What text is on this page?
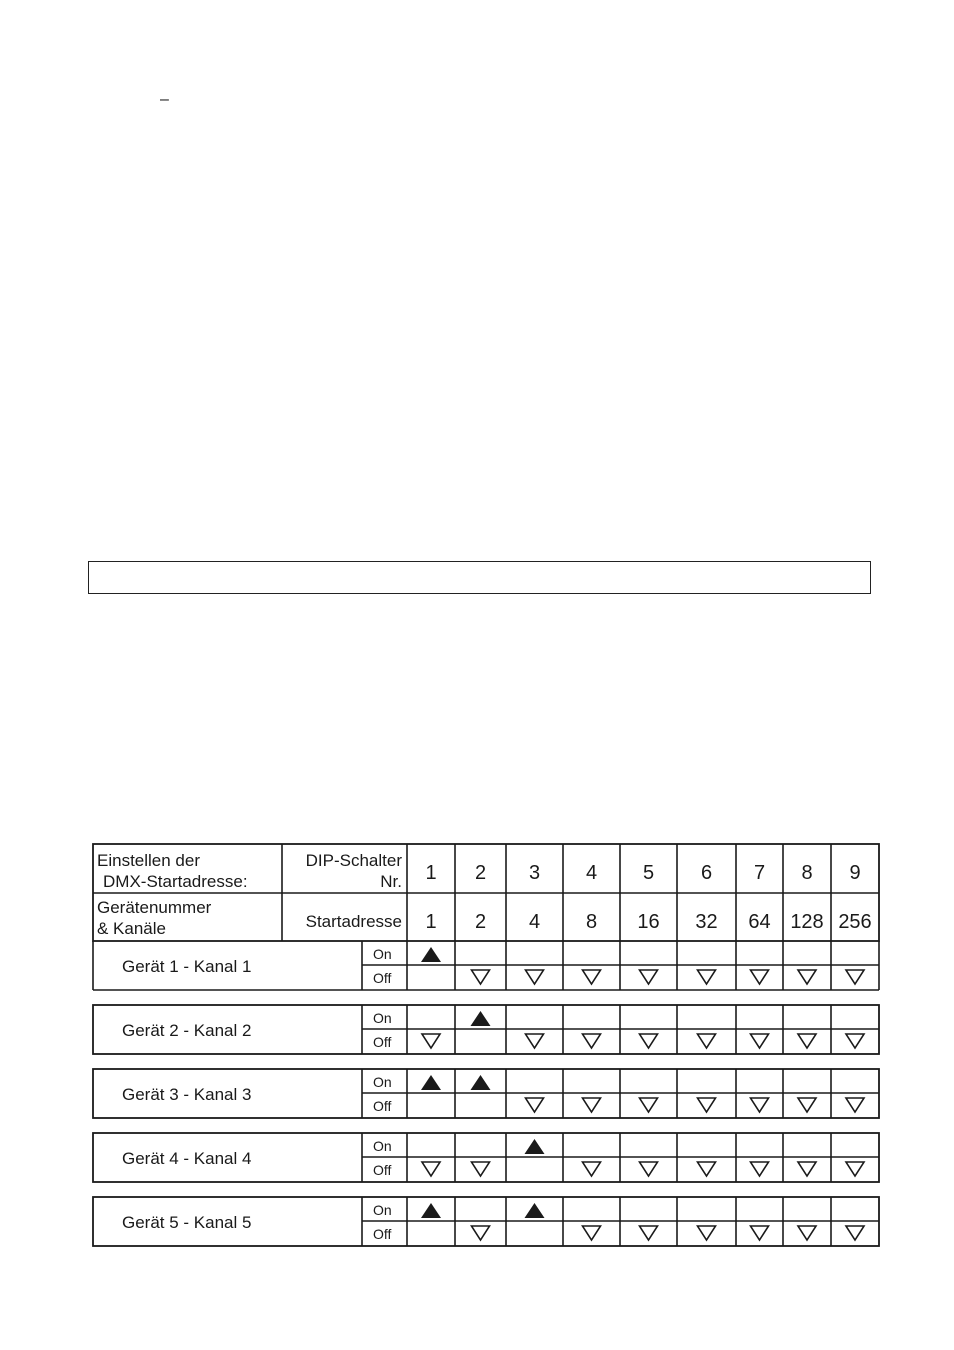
–
Einstellen der
DMX-Startadresse:
DIP-Schalter
Nr.
Gerätenummer
& Kanäle	Startadresse
1
1
2
2
3
4
4
8
5
16
6
32
7
64
8
128
9
256
Gerät 1 - Kanal 1
On
Off
Gerät 2 - Kanal 2
On
Off
Gerät 3 - Kanal 3
On
Off
Gerät 4 - Kanal 4
On
Off
Gerät 5 - Kanal 5
On
Off
